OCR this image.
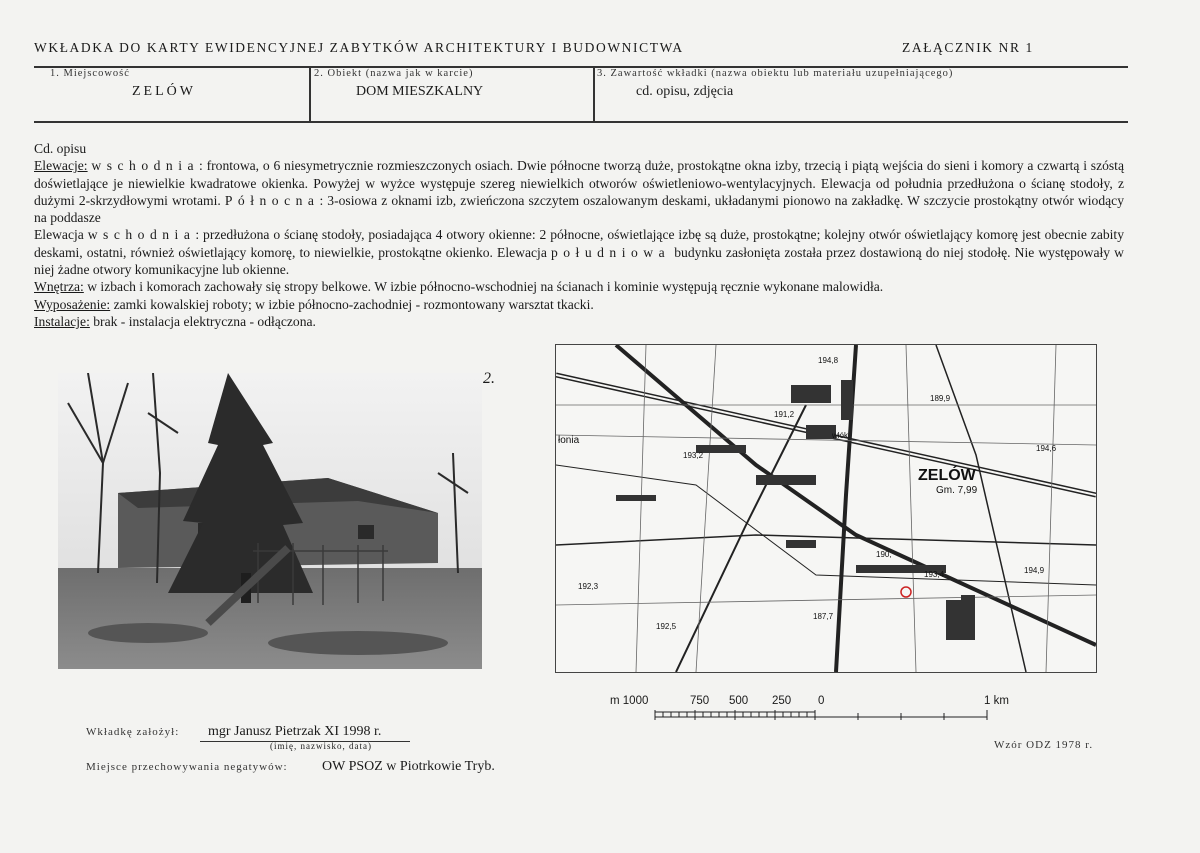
WKŁADKA DO KARTY EWIDENCYJNEJ ZABYTKÓW ARCHITEKTURY I BUDOWNICTWA	ZAŁĄCZNIK NR 1
1. Miejscowość
ZELÓW
2. Obiekt (nazwa jak w karcie)
DOM MIESZKALNY
3. Zawartość wkładki (nazwa obiektu lub materiału uzupełniającego)
cd. opisu, zdjęcia

Cd. opisu

Elewacje: wschodnia: frontowa, o 6 niesymetrycznie rozmieszczonych osiach. Dwie północne tworzą duże, prostokątne okna izby, trzecią i piątą wejścia do sieni i komory a czwartą i szóstą doświetlające je niewielkie kwadratowe okienka. Powyżej w wyżce występuje szereg niewielkich otworów oświetleniowo-wentylacyjnych. Elewacja od południa przedłużona o ścianę stodoły, z dużymi 2-skrzydłowymi wrotami. Północna: 3-osiowa z oknami izb, zwieńczona szczytem oszalowanym deskami, układanymi pionowo na zakładkę. W szczycie prostokątny otwór wiodący na poddasze

Elewacja wschodnia: przedłużona o ścianę stodoły, posiadająca 4 otwory okienne: 2 północne, oświetlające izbę są duże, prostokątne; kolejny otwór oświetlający komorę jest obecnie zabity deskami, ostatni, również oświetlający komorę, to niewielkie, prostokątne okienko. Elewacja południowa budynku zasłonięta została przez dostawioną do niej stodołę. Nie występowały w niej żadne otwory komunikacyjne lub okienne.

Wnętrza: w izbach i komorach zachowały się stropy belkowe. W izbie północno-wschodniej na ścianach i kominie występują ręcznie wykonane malowidła.

Wyposażenie: zamki kowalskiej roboty; w izbie północno-zachodniej - rozmontowany warsztat tkacki.

Instalacje: brak - instalacja elektryczna - odłączona.

2.
ZELÓW
Gm. 7,99
łonia	włók.
194,8
189,9
191,2
193,2
194,6
190,
193,4	194,9
192,3
187,7
192,5
m 1000	750 500 250 0	1 km
Wkładkę założył: mgr Janusz Pietrzak XI 1998 r.
(imię, nazwisko, data)
Miejsce przechowywania negatywów: OW PSOZ w Piotrkowie Tryb.
Wzór ODZ 1978 r.
